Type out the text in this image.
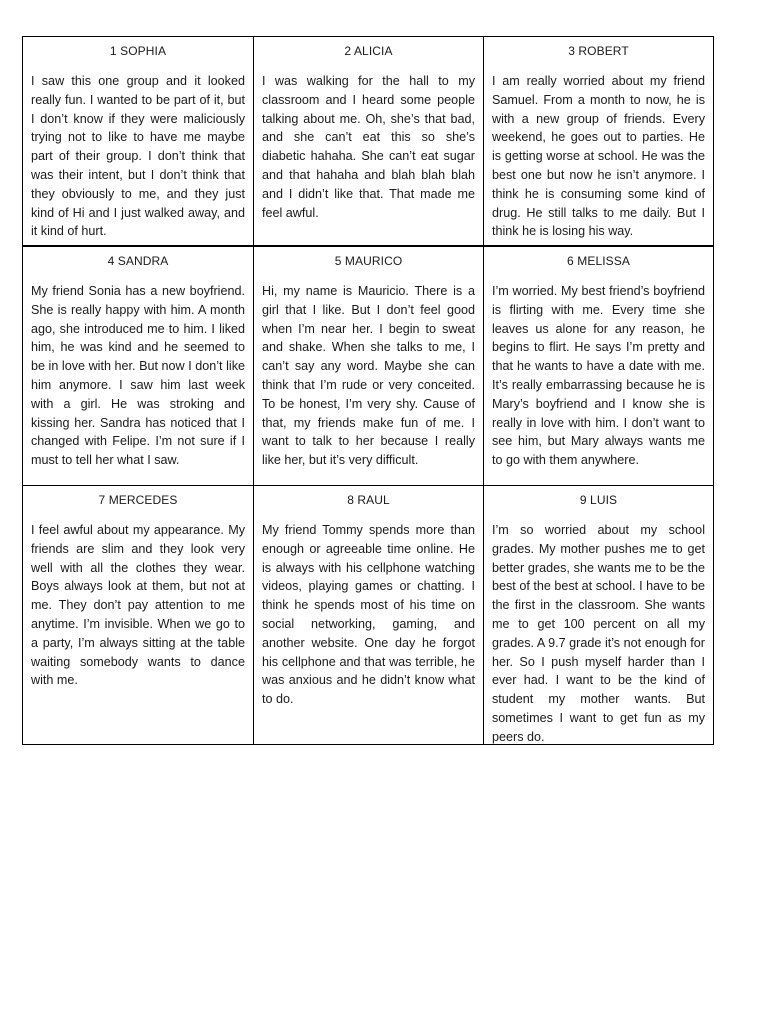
1 SOPHIA

I saw this one group and it looked really fun. I wanted to be part of it, but I don’t know if they were maliciously trying not to like to have me maybe part of their group. I don’t think that was their intent, but I don’t think that they obviously to me, and they just kind of Hi and I just walked away, and it kind of hurt.

2 ALICIA

I was walking for the hall to my classroom and I heard some people talking about me. Oh, she’s that bad, and she can’t eat this so she’s diabetic hahaha. She can’t eat sugar and that hahaha and blah blah blah and I didn’t like that. That made me feel awful.

3 ROBERT

I am really worried about my friend Samuel. From a month to now, he is with a new group of friends. Every weekend, he goes out to parties. He is getting worse at school. He was the best one but now he isn’t anymore. I think he is consuming some kind of drug. He still talks to me daily. But I think he is losing his way.

4 SANDRA

My friend Sonia has a new boyfriend. She is really happy with him. A month ago, she introduced me to him. I liked him, he was kind and he seemed to be in love with her. But now I don’t like him anymore. I saw him last week with a girl. He was stroking and kissing her. Sandra has noticed that I changed with Felipe. I’m not sure if I must to tell her what I saw.

5 MAURICO

Hi, my name is Mauricio. There is a girl that I like. But I don’t feel good when I’m near her. I begin to sweat and shake. When she talks to me, I can’t say any word. Maybe she can think that I’m rude or very conceited. To be honest, I’m very shy. Cause of that, my friends make fun of me. I want to talk to her because I really like her, but it’s very difficult.

6 MELISSA

I’m worried. My best friend’s boyfriend is flirting with me. Every time she leaves us alone for any reason, he begins to flirt. He says I’m pretty and that he wants to have a date with me. It’s really embarrassing because he is Mary’s boyfriend and I know she is really in love with him. I don’t want to see him, but Mary always wants me to go with them anywhere.

7 MERCEDES

I feel awful about my appearance. My friends are slim and they look very well with all the clothes they wear. Boys always look at them, but not at me. They don’t pay attention to me anytime. I’m invisible. When we go to a party, I’m always sitting at the table waiting somebody wants to dance with me.

8 RAUL

My friend Tommy spends more than enough or agreeable time online. He is always with his cellphone watching videos, playing games or chatting. I think he spends most of his time on social networking, gaming, and another website. One day he forgot his cellphone and that was terrible, he was anxious and he didn’t know what to do.

9 LUIS

I’m so worried about my school grades. My mother pushes me to get better grades, she wants me to be the best of the best at school. I have to be the first in the classroom. She wants me to get 100 percent on all my grades. A 9.7 grade it’s not enough for her. So I push myself harder than I ever had. I want to be the kind of student my mother wants. But sometimes I want to get fun as my peers do.
